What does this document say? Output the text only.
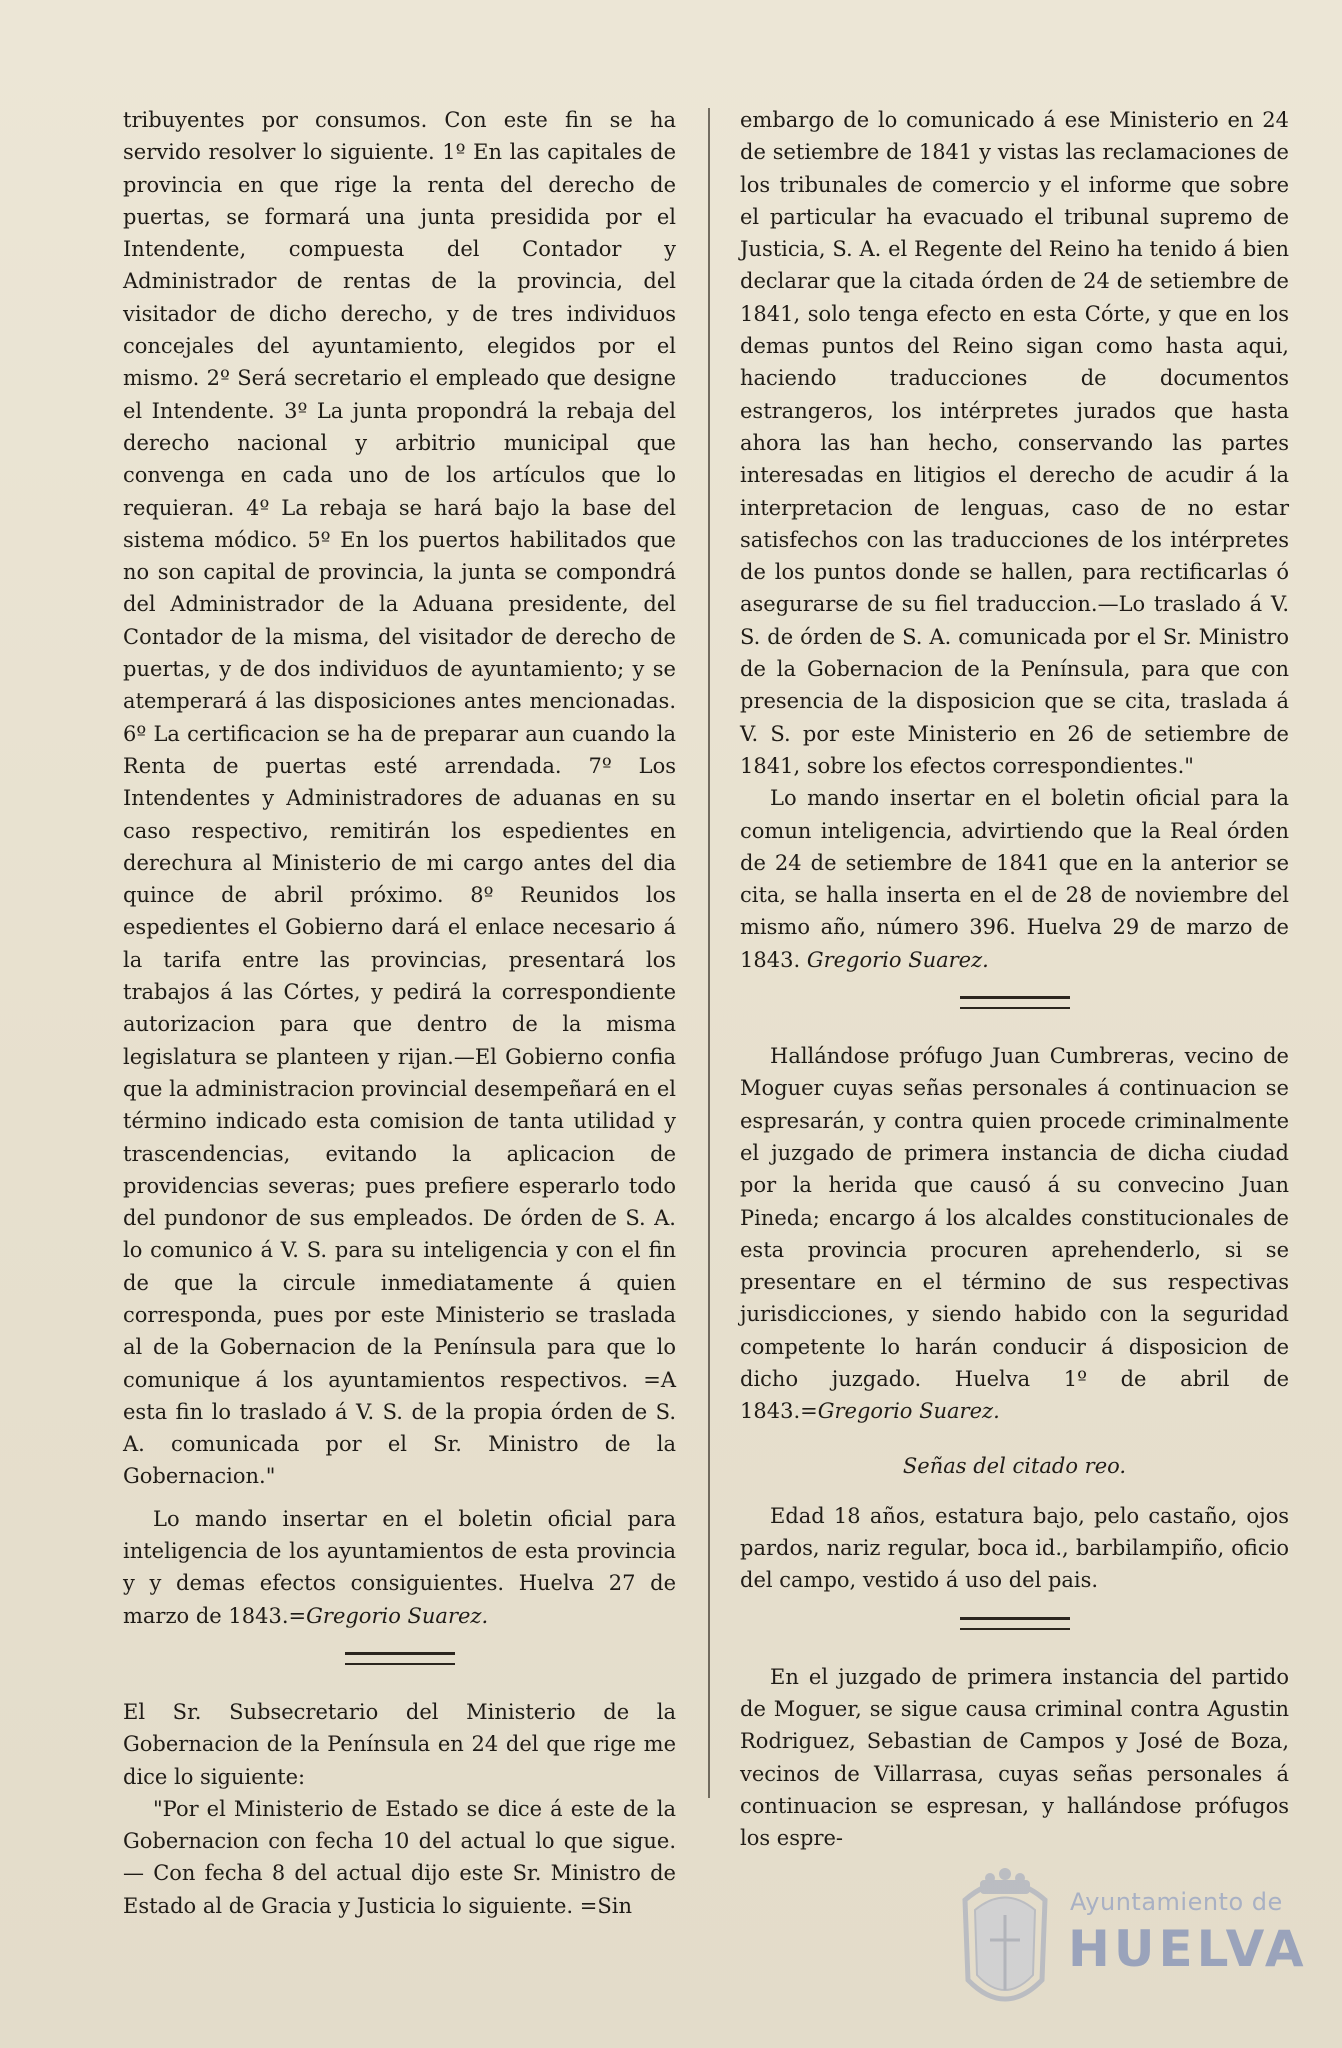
tribuyentes por consumos. Con este fin se ha servido resolver lo siguiente. 1º En las capitales de provincia en que rige la renta del derecho de puertas, se formará una junta presidida por el Intendente, compuesta del Contador y Administrador de rentas de la provincia, del visitador de dicho derecho, y de tres individuos concejales del ayuntamiento, elegidos por el mismo. 2º Será secretario el empleado que designe el Intendente. 3º La junta propondrá la rebaja del derecho nacional y arbitrio municipal que convenga en cada uno de los artículos que lo requieran. 4º La rebaja se hará bajo la base del sistema módico. 5º En los puertos habilitados que no son capital de provincia, la junta se compondrá del Administrador de la Aduana presidente, del Contador de la misma, del visitador de derecho de puertas, y de dos individuos de ayuntamiento; y se atemperará á las disposiciones antes mencionadas. 6º La certificacion se ha de preparar aun cuando la Renta de puertas esté arrendada. 7º Los Intendentes y Administradores de aduanas en su caso respectivo, remitirán los espedientes en derechura al Ministerio de mi cargo antes del dia quince de abril próximo. 8º Reunidos los espedientes el Gobierno dará el enlace necesario á la tarifa entre las provincias, presentará los trabajos á las Córtes, y pedirá la correspondiente autorizacion para que dentro de la misma legislatura se planteen y rijan.—El Gobierno confia que la administracion provincial desempeñará en el término indicado esta comision de tanta utilidad y trascendencias, evitando la aplicacion de providencias severas; pues prefiere esperarlo todo del pundonor de sus empleados. De órden de S. A. lo comunico á V. S. para su inteligencia y con el fin de que la circule inmediatamente á quien corresponda, pues por este Ministerio se traslada al de la Gobernacion de la Península para que lo comunique á los ayuntamientos respectivos. =A esta fin lo traslado á V. S. de la propia órden de S. A. comunicada por el Sr. Ministro de la Gobernacion."

Lo mando insertar en el boletin oficial para inteligencia de los ayuntamientos de esta provincia y y demas efectos consiguientes. Huelva 27 de marzo de 1843.=Gregorio Suarez.

El Sr. Subsecretario del Ministerio de la Gobernacion de la Península en 24 del que rige me dice lo siguiente:

"Por el Ministerio de Estado se dice á este de la Gobernacion con fecha 10 del actual lo que sigue.— Con fecha 8 del actual dijo este Sr. Ministro de Estado al de Gracia y Justicia lo siguiente. =Sin

embargo de lo comunicado á ese Ministerio en 24 de setiembre de 1841 y vistas las reclamaciones de los tribunales de comercio y el informe que sobre el particular ha evacuado el tribunal supremo de Justicia, S. A. el Regente del Reino ha tenido á bien declarar que la citada órden de 24 de setiembre de 1841, solo tenga efecto en esta Córte, y que en los demas puntos del Reino sigan como hasta aqui, haciendo traducciones de documentos estrangeros, los intérpretes jurados que hasta ahora las han hecho, conservando las partes interesadas en litigios el derecho de acudir á la interpretacion de lenguas, caso de no estar satisfechos con las traducciones de los intérpretes de los puntos donde se hallen, para rectificarlas ó asegurarse de su fiel traduccion.—Lo traslado á V. S. de órden de S. A. comunicada por el Sr. Ministro de la Gobernacion de la Península, para que con presencia de la disposicion que se cita, traslada á V. S. por este Ministerio en 26 de setiembre de 1841, sobre los efectos correspondientes."

Lo mando insertar en el boletin oficial para la comun inteligencia, advirtiendo que la Real órden de 24 de setiembre de 1841 que en la anterior se cita, se halla inserta en el de 28 de noviembre del mismo año, número 396. Huelva 29 de marzo de 1843. Gregorio Suarez.

Hallándose prófugo Juan Cumbreras, vecino de Moguer cuyas señas personales á continuacion se espresarán, y contra quien procede criminalmente el juzgado de primera instancia de dicha ciudad por la herida que causó á su convecino Juan Pineda; encargo á los alcaldes constitucionales de esta provincia procuren aprehenderlo, si se presentare en el término de sus respectivas jurisdicciones, y siendo habido con la seguridad competente lo harán conducir á disposicion de dicho juzgado. Huelva 1º de abril de 1843.=Gregorio Suarez.

Señas del citado reo.

Edad 18 años, estatura bajo, pelo castaño, ojos pardos, nariz regular, boca id., barbilampiño, oficio del campo, vestido á uso del pais.

En el juzgado de primera instancia del partido de Moguer, se sigue causa criminal contra Agustin Rodriguez, Sebastian de Campos y José de Boza, vecinos de Villarrasa, cuyas señas personales á continuacion se espresan, y hallándose prófugos los espre-

Ayuntamiento de
HUELVA
